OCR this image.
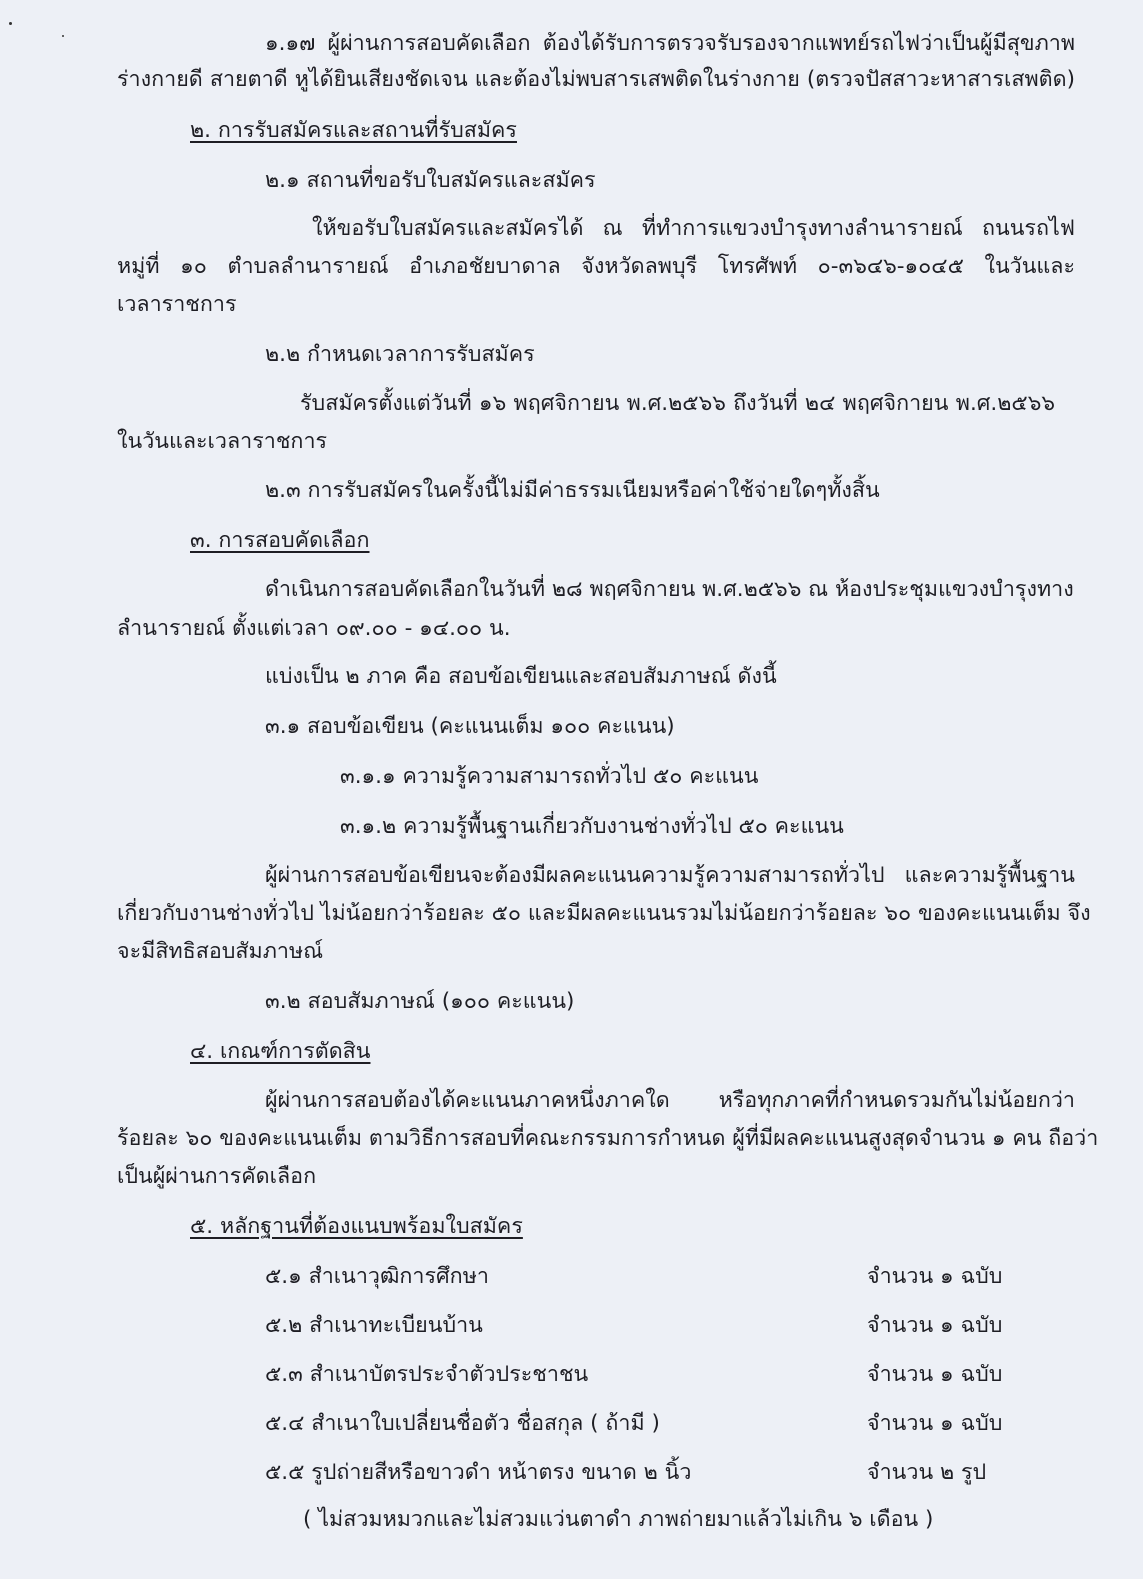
๑.๑๗ ผู้ผ่านการสอบคัดเลือก ต้องได้รับการตรวจรับรองจากแพทย์รถไฟว่าเป็นผู้มีสุขภาพ
ร่างกายดี สายตาดี หูได้ยินเสียงชัดเจน และต้องไม่พบสารเสพติดในร่างกาย (ตรวจปัสสาวะหาสารเสพติด)
๒. การรับสมัครและสถานที่รับสมัคร
๒.๑ สถานที่ขอรับใบสมัครและสมัคร
ให้ขอรับใบสมัครและสมัครได้ ณ ที่ทำการแขวงบำรุงทางลำนารายณ์ ถนนรถไฟ
หมู่ที่ ๑๐ ตำบลลำนารายณ์ อำเภอชัยบาดาล จังหวัดลพบุรี โทรศัพท์ ๐-๓๖๔๖-๑๐๔๕ ในวันและ
เวลาราชการ
๒.๒ กำหนดเวลาการรับสมัคร
รับสมัครตั้งแต่วันที่ ๑๖ พฤศจิกายน พ.ศ.๒๕๖๖ ถึงวันที่ ๒๔ พฤศจิกายน พ.ศ.๒๕๖๖
ในวันและเวลาราชการ
๒.๓ การรับสมัครในครั้งนี้ไม่มีค่าธรรมเนียมหรือค่าใช้จ่ายใดๆทั้งสิ้น
๓. การสอบคัดเลือก
ดำเนินการสอบคัดเลือกในวันที่ ๒๘ พฤศจิกายน พ.ศ.๒๕๖๖ ณ ห้องประชุมแขวงบำรุงทาง
ลำนารายณ์ ตั้งแต่เวลา ๐๙.๐๐ - ๑๔.๐๐ น.
แบ่งเป็น ๒ ภาค คือ สอบข้อเขียนและสอบสัมภาษณ์ ดังนี้
๓.๑ สอบข้อเขียน (คะแนนเต็ม ๑๐๐ คะแนน)
๓.๑.๑ ความรู้ความสามารถทั่วไป ๕๐ คะแนน
๓.๑.๒ ความรู้พื้นฐานเกี่ยวกับงานช่างทั่วไป ๕๐ คะแนน
ผู้ผ่านการสอบข้อเขียนจะต้องมีผลคะแนนความรู้ความสามารถทั่วไป และความรู้พื้นฐาน
เกี่ยวกับงานช่างทั่วไป ไม่น้อยกว่าร้อยละ ๕๐ และมีผลคะแนนรวมไม่น้อยกว่าร้อยละ ๖๐ ของคะแนนเต็ม จึง
จะมีสิทธิสอบสัมภาษณ์
๓.๒ สอบสัมภาษณ์ (๑๐๐ คะแนน)
๔. เกณฑ์การตัดสิน
ผู้ผ่านการสอบต้องได้คะแนนภาคหนึ่งภาคใด หรือทุกภาคที่กำหนดรวมกันไม่น้อยกว่า
ร้อยละ ๖๐ ของคะแนนเต็ม ตามวิธีการสอบที่คณะกรรมการกำหนด ผู้ที่มีผลคะแนนสูงสุดจำนวน ๑ คน ถือว่า
เป็นผู้ผ่านการคัดเลือก
๕. หลักฐานที่ต้องแนบพร้อมใบสมัคร
๕.๑ สำเนาวุฒิการศึกษา	จำนวน ๑ ฉบับ
๕.๒ สำเนาทะเบียนบ้าน	จำนวน ๑ ฉบับ
๕.๓ สำเนาบัตรประจำตัวประชาชน	จำนวน ๑ ฉบับ
๕.๔ สำเนาใบเปลี่ยนชื่อตัว ชื่อสกุล ( ถ้ามี )	จำนวน ๑ ฉบับ
๕.๕ รูปถ่ายสีหรือขาวดำ หน้าตรง ขนาด ๒ นิ้ว	จำนวน ๒ รูป
( ไม่สวมหมวกและไม่สวมแว่นตาดำ ภาพถ่ายมาแล้วไม่เกิน ๖ เดือน )
